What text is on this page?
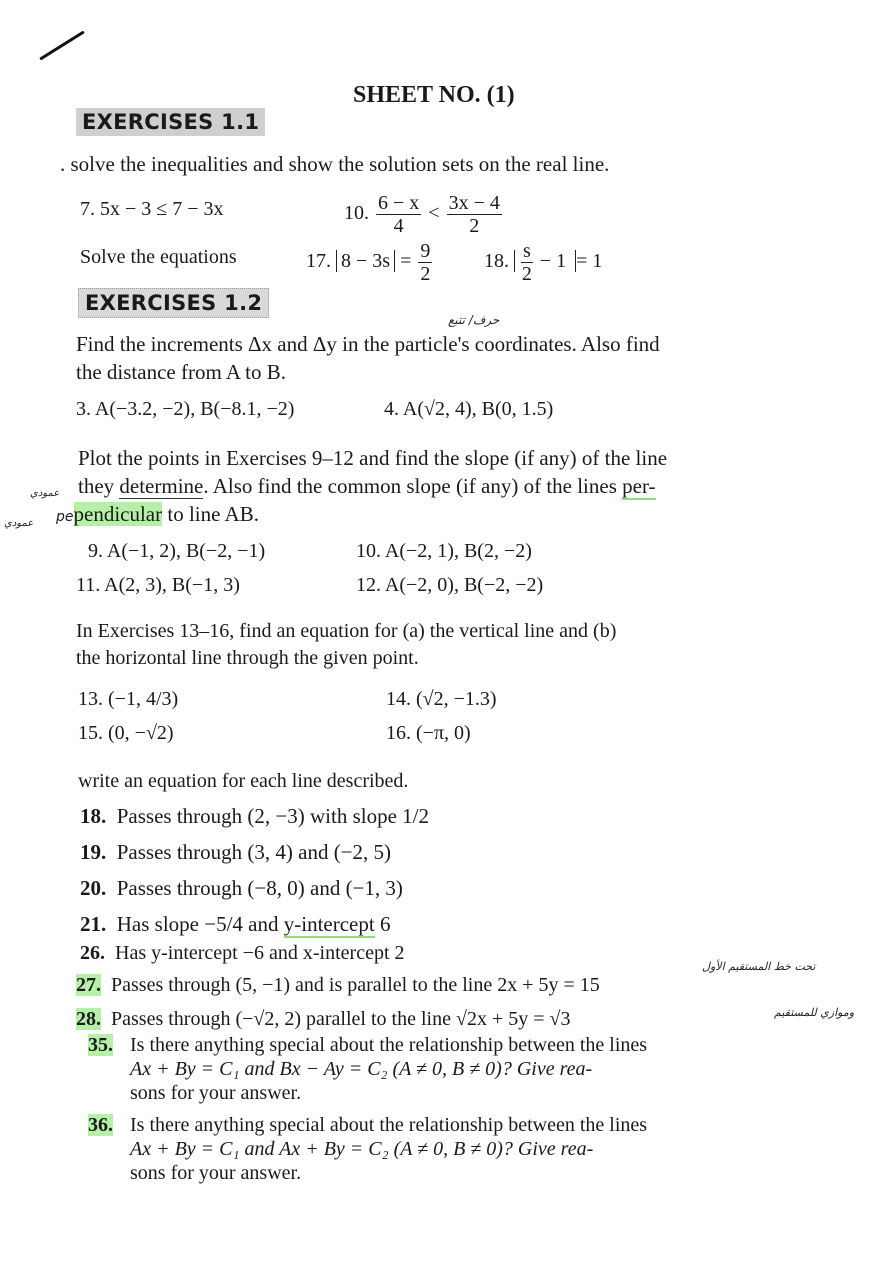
SHEET NO. (1)
EXERCISES 1.1
. solve the inequalities and show the solution sets on the real line.
7. 5x − 3 ≤ 7 − 3x	10. $\frac{6 - x}{4} < \frac{3x - 4}{2}$
Solve the equations	17. $8 - 3s = \frac{9}{2}$	18. $\frac{s}{2} - 1 = 1$
EXERCISES 1.2
حرف/ تتبع
Find the increments Δx and Δy in the particle's coordinates. Also find
the distance from A to B.
3. A(−3.2, −2), B(−8.1, −2)	4. A(√2, 4), B(0, 1.5)
Plot the points in Exercises 9–12 and find the slope (if any) of the line
they determine. Also find the common slope (if any) of the lines per-
عمودي
عمودي pependicular to line AB.
9. A(−1, 2), B(−2, −1)	10. A(−2, 1), B(2, −2)
11. A(2, 3), B(−1, 3)	12. A(−2, 0), B(−2, −2)
In Exercises 13–16, find an equation for (a) the vertical line and (b)
the horizontal line through the given point.
13. (−1, 4/3)	14. (√2, −1.3)
15. (0, −√2)	16. (−π, 0)
write an equation for each line described.
18. Passes through (2, −3) with slope 1/2
19. Passes through (3, 4) and (−2, 5)
20. Passes through (−8, 0) and (−1, 3)
21. Has slope −5/4 and y-intercept 6
26. Has y-intercept −6 and x-intercept 2
27. Passes through (5, −1) and is parallel to the line 2x + 5y = 15
28. Passes through (−√2, 2) parallel to the line √2x + 5y = √3
تحت خط المستقيم الأول
وموازي للمستقيم
35. Is there anything special about the relationship between the lines
Ax + By = C₁ and Bx − Ay = C₂ (A ≠ 0, B ≠ 0)? Give rea-
sons for your answer.
36. Is there anything special about the relationship between the lines
Ax + By = C₁ and Ax + By = C₂ (A ≠ 0, B ≠ 0)? Give rea-
sons for your answer.
